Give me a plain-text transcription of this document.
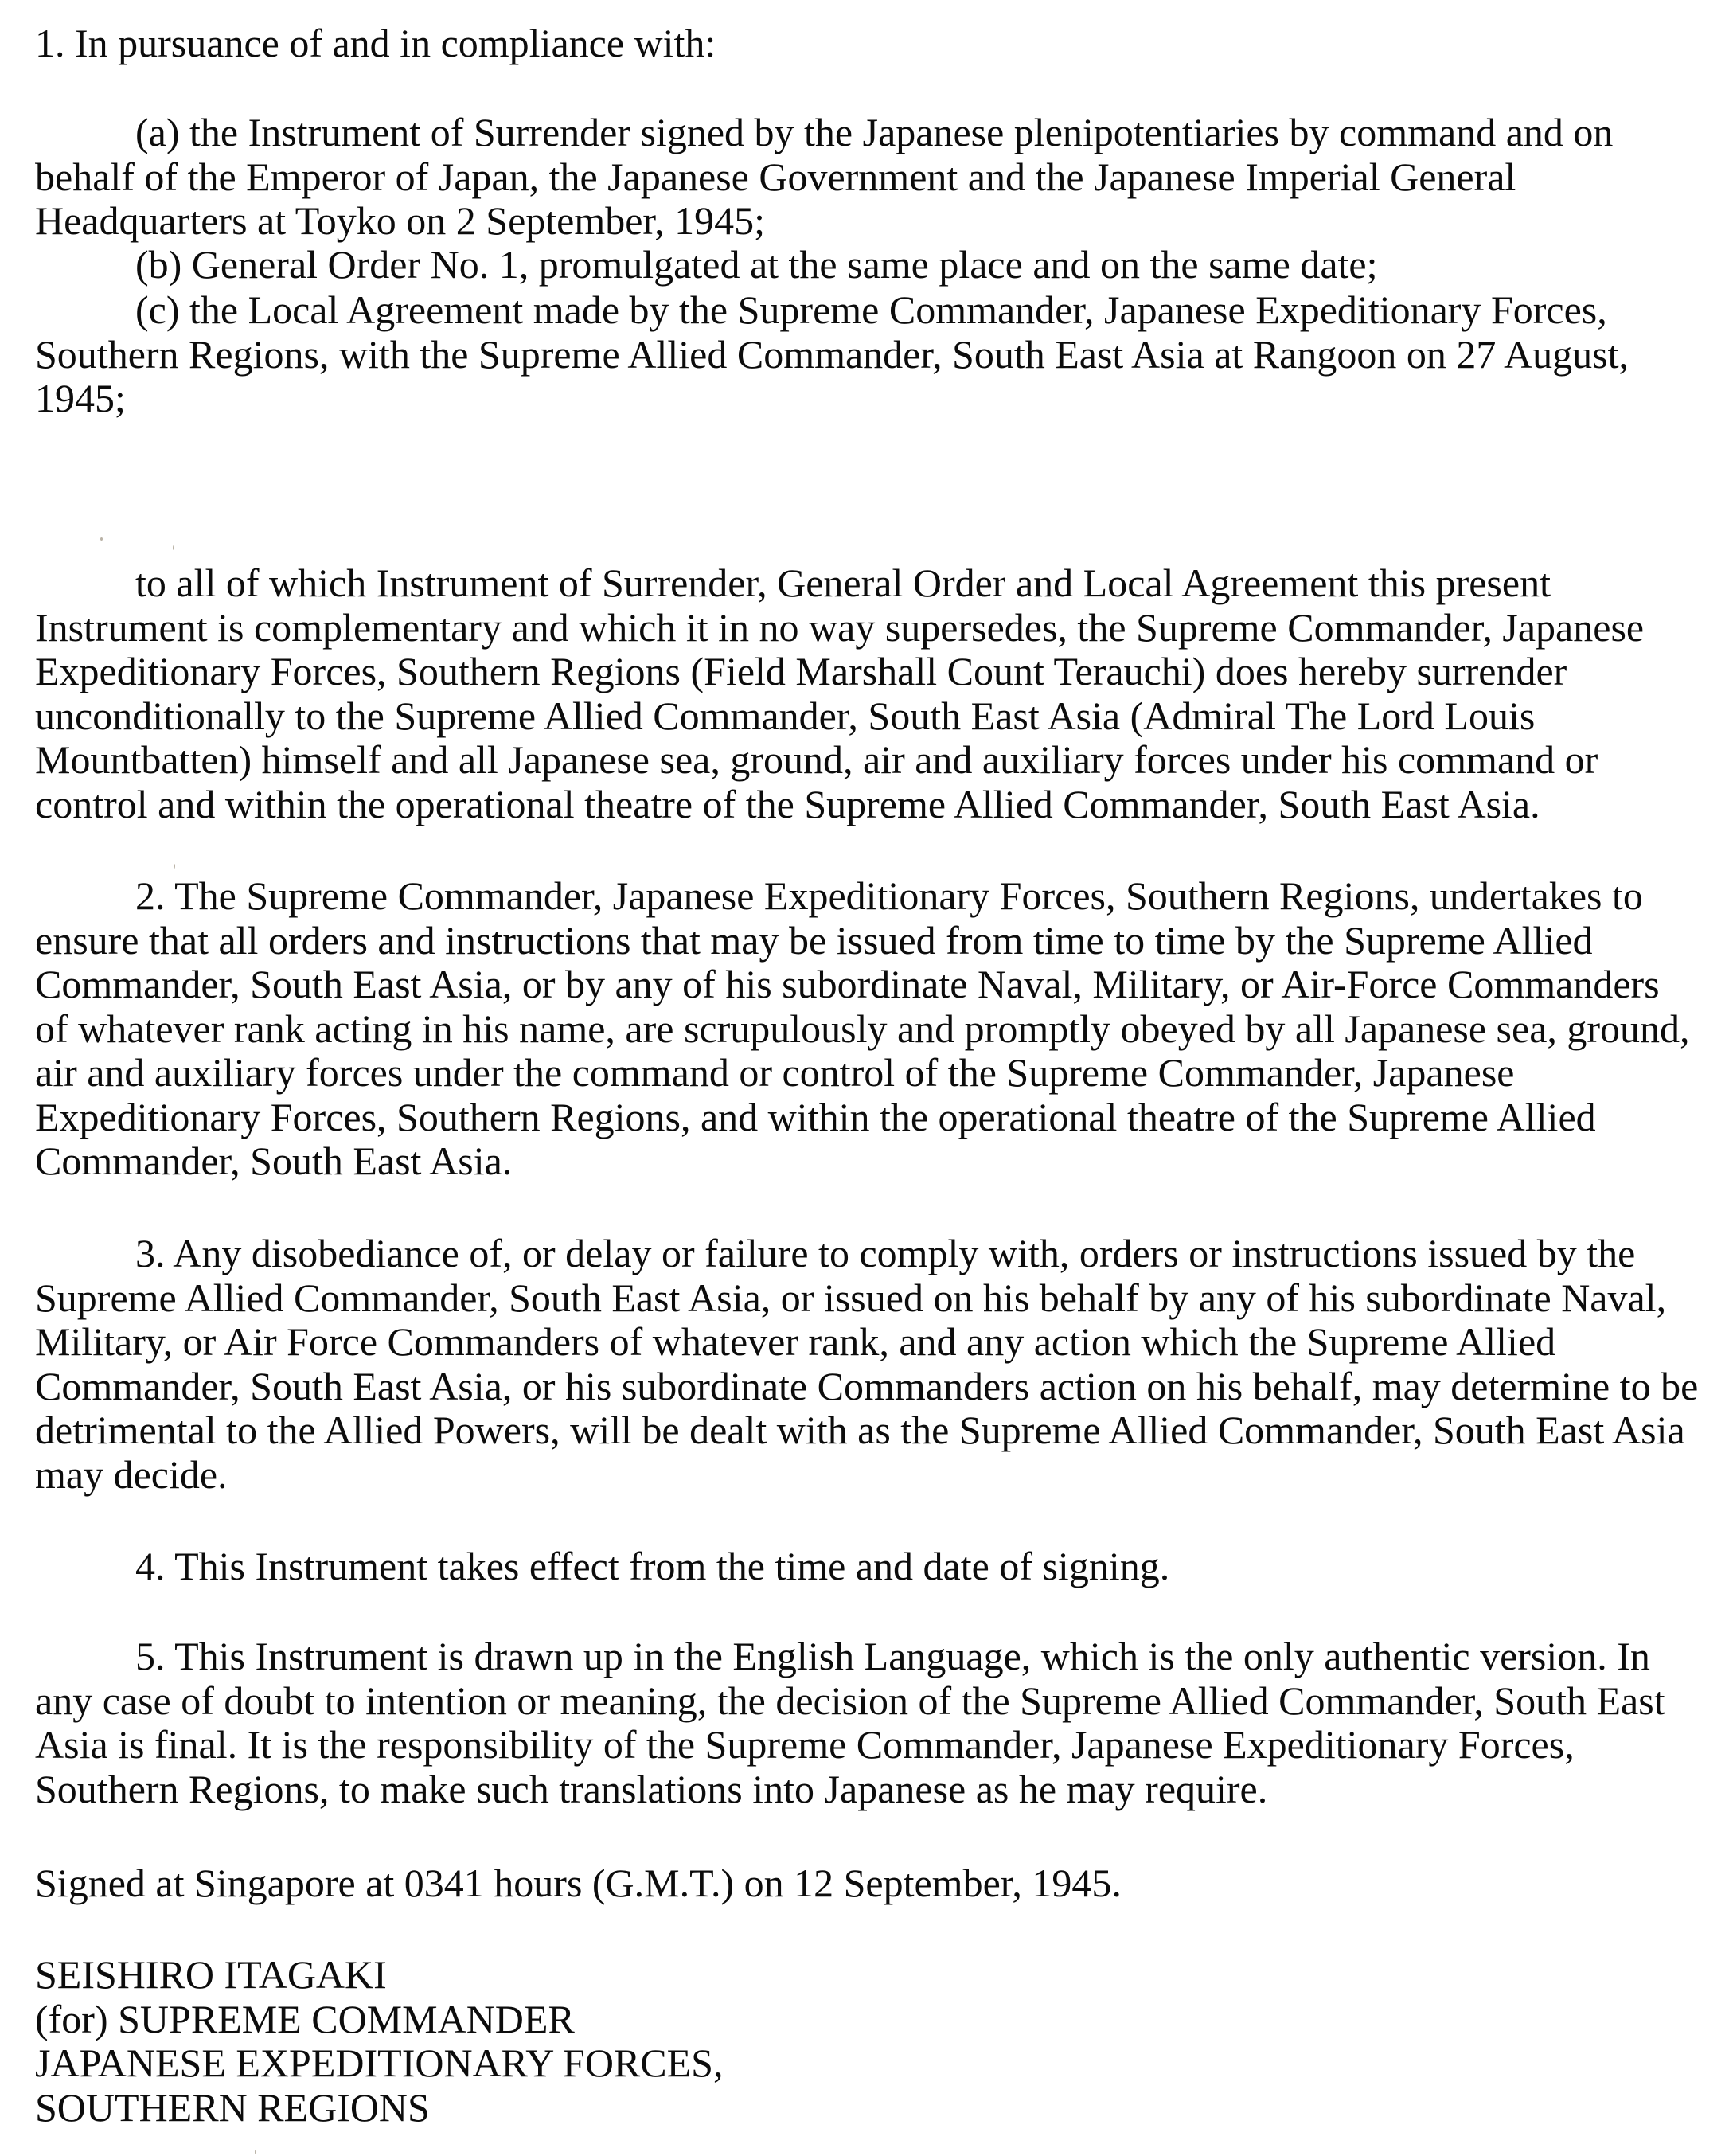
1. In pursuance of and in compliance with:
(a) the Instrument of Surrender signed by the Japanese plenipotentiaries by command and on
behalf of the Emperor of Japan, the Japanese Government and the Japanese Imperial General
Headquarters at Toyko on 2 September, 1945;
(b) General Order No. 1, promulgated at the same place and on the same date;
(c) the Local Agreement made by the Supreme Commander, Japanese Expeditionary Forces,
Southern Regions, with the Supreme Allied Commander, South East Asia at Rangoon on 27 August,
1945;
to all of which Instrument of Surrender, General Order and Local Agreement this present
Instrument is complementary and which it in no way supersedes, the Supreme Commander, Japanese
Expeditionary Forces, Southern Regions (Field Marshall Count Terauchi) does hereby surrender
unconditionally to the Supreme Allied Commander, South East Asia (Admiral The Lord Louis
Mountbatten) himself and all Japanese sea, ground, air and auxiliary forces under his command or
control and within the operational theatre of the Supreme Allied Commander, South East Asia.
2. The Supreme Commander, Japanese Expeditionary Forces, Southern Regions, undertakes to
ensure that all orders and instructions that may be issued from time to time by the Supreme Allied
Commander, South East Asia, or by any of his subordinate Naval, Military, or Air-Force Commanders
of whatever rank acting in his name, are scrupulously and promptly obeyed by all Japanese sea, ground,
air and auxiliary forces under the command or control of the Supreme Commander, Japanese
Expeditionary Forces, Southern Regions, and within the operational theatre of the Supreme Allied
Commander, South East Asia.
3. Any disobediance of, or delay or failure to comply with, orders or instructions issued by the
Supreme Allied Commander, South East Asia, or issued on his behalf by any of his subordinate Naval,
Military, or Air Force Commanders of whatever rank, and any action which the Supreme Allied
Commander, South East Asia, or his subordinate Commanders action on his behalf, may determine to be
detrimental to the Allied Powers, will be dealt with as the Supreme Allied Commander, South East Asia
may decide.
4. This Instrument takes effect from the time and date of signing.
5. This Instrument is drawn up in the English Language, which is the only authentic version. In
any case of doubt to intention or meaning, the decision of the Supreme Allied Commander, South East
Asia is final. It is the responsibility of the Supreme Commander, Japanese Expeditionary Forces,
Southern Regions, to make such translations into Japanese as he may require.
Signed at Singapore at 0341 hours (G.M.T.) on 12 September, 1945.
SEISHIRO ITAGAKI
(for) SUPREME COMMANDER
JAPANESE EXPEDITIONARY FORCES,
SOUTHERN REGIONS
